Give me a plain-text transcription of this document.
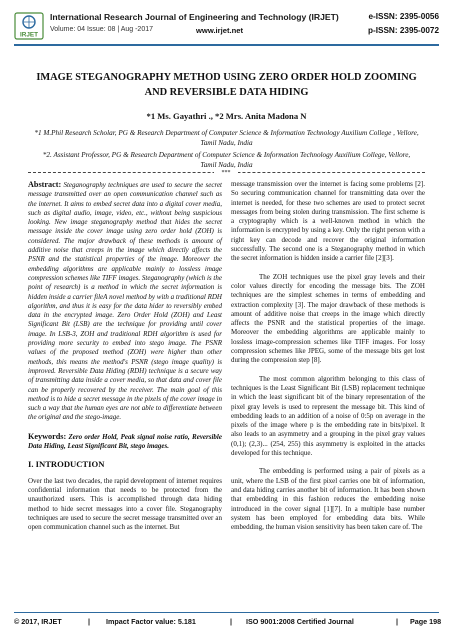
IRJET
International Research Journal of Engineering and Technology (IRJET)	e-ISSN: 2395-0056
Volume: 04 Issue: 08 | Aug -2017	www.irjet.net	p-ISSN: 2395-0072
IMAGE STEGANOGRAPHY METHOD USING ZERO ORDER HOLD ZOOMING AND REVERSIBLE DATA HIDING
*1 Ms. Gayathri ., *2 Mrs. Anita Madona N
*1 M.Phil Research Scholar, PG & Research Department of Computer Science & Information Technology Auxilium College , Vellore, Tamil Nadu, India
*2. Assistant Professor, PG & Research Department of Computer Science & Information Technology Auxilium College, Vellore, Tamil Nadu, India
***

Abstract: Steganography techniques are used to secure the secret message transmitted over an open communication channel such as the internet. It aims to embed secret data into a digital cover media, such as digital audio, image, video, etc., without being suspicious looking. New image steganography method that hides the secret message inside the cover image using zero order hold (ZOH) is considered. The major drawback of these methods is amount of additive noise that creeps in the image which directly affects the PSNR and the statistical properties of the image. Moreover the embedding algorithms are applicable mainly to lossless image compression schemes like TIFF images. Steganography (which is the point of research) is a method in which the secret information is hidden inside a carrier fileA novel method by with a traditional RDH algorithm, and thus it is easy for the data hider to reversibly embed data in the encrypted image. Zero Order Hold (ZOH) and Least Significant Bit (LSB) are the technique for providing until cover image. In LSB-3, ZOH and traditional RDH algorithm is used for providing more security to embed into stego image. The PSNR values of the proposed method (ZOH) were higher than other methods, this means the method's PSNR (stego image quality) is improved. Reversible Data Hiding (RDH) technique is a secure way of transmitting data inside a cover media, so that data and cover file can be properly recovered by the receiver. The main goal of this method is to hide a secret message in the pixels of the cover image in such a way that the human eyes are not able to differentiate between the original and the stego-image.

Keywords: Zero order Hold, Peak signal noise ratio, Reversible Data Hiding, Least Significant Bit, stego images.

I. INTRODUCTION

Over the last two decades, the rapid development of internet requires confidential information that needs to be protected from the unauthorized users. This is accomplished through data hiding method to hide secret messages into a cover file. Steganography techniques are used to secure the secret message transmitted over an open communication channel such as the internet. But

message transmission over the internet is facing some problems [2]. So securing communication channel for transmitting data over the internet is needed, for these two schemes are used to protect secret messages from being stolen during transmission. The first scheme is a cryptography which is a well-known method in which the information is encrypted by using a key. Only the right person with a right key can decode and recover the original information successfully. The second one is a Steganography method in which the secret information is hidden inside a carrier file [2][3].

The ZOH techniques use the pixel gray levels and their color values directly for encoding the message bits. The ZOH techniques are the simplest schemes in terms of embedding and extraction complexity [3]. The major drawback of these methods is amount of additive noise that creeps in the image which directly affects the PSNR and the statistical properties of the image. Moreover the embedding algorithms are applicable mainly to lossless image-compression schemes like TIFF images. For lossy compression schemes like JPEG, some of the message bits get lost during the compression step [8].

The most common algorithm belonging to this class of techniques is the Least Significant Bit (LSB) replacement technique in which the least significant bit of the binary representation of the pixel gray levels is used to represent the message bit. This kind of embedding leads to an addition of a noise of 0:5p on average in the pixels of the image where p is the embedding rate in bits/pixel. It also leads to an asymmetry and a grouping in the pixel gray values (0,1); (2,3)... (254, 255) this asymmetry is exploited in the attacks developed for this technique.

The embedding is performed using a pair of pixels as a unit, where the LSB of the first pixel carries one bit of information, and data hiding carries another bit of information. It has been shown that embedding in this fashion reduces the embedding noise introduced in the cover signal [1][7]. In a multiple base number system has been employed for embedding data bits. While embedding, the human vision sensitivity has been taken care of. The

© 2017, IRJET	| Impact Factor value: 5.181	| ISO 9001:2008 Certified Journal	| Page 198
